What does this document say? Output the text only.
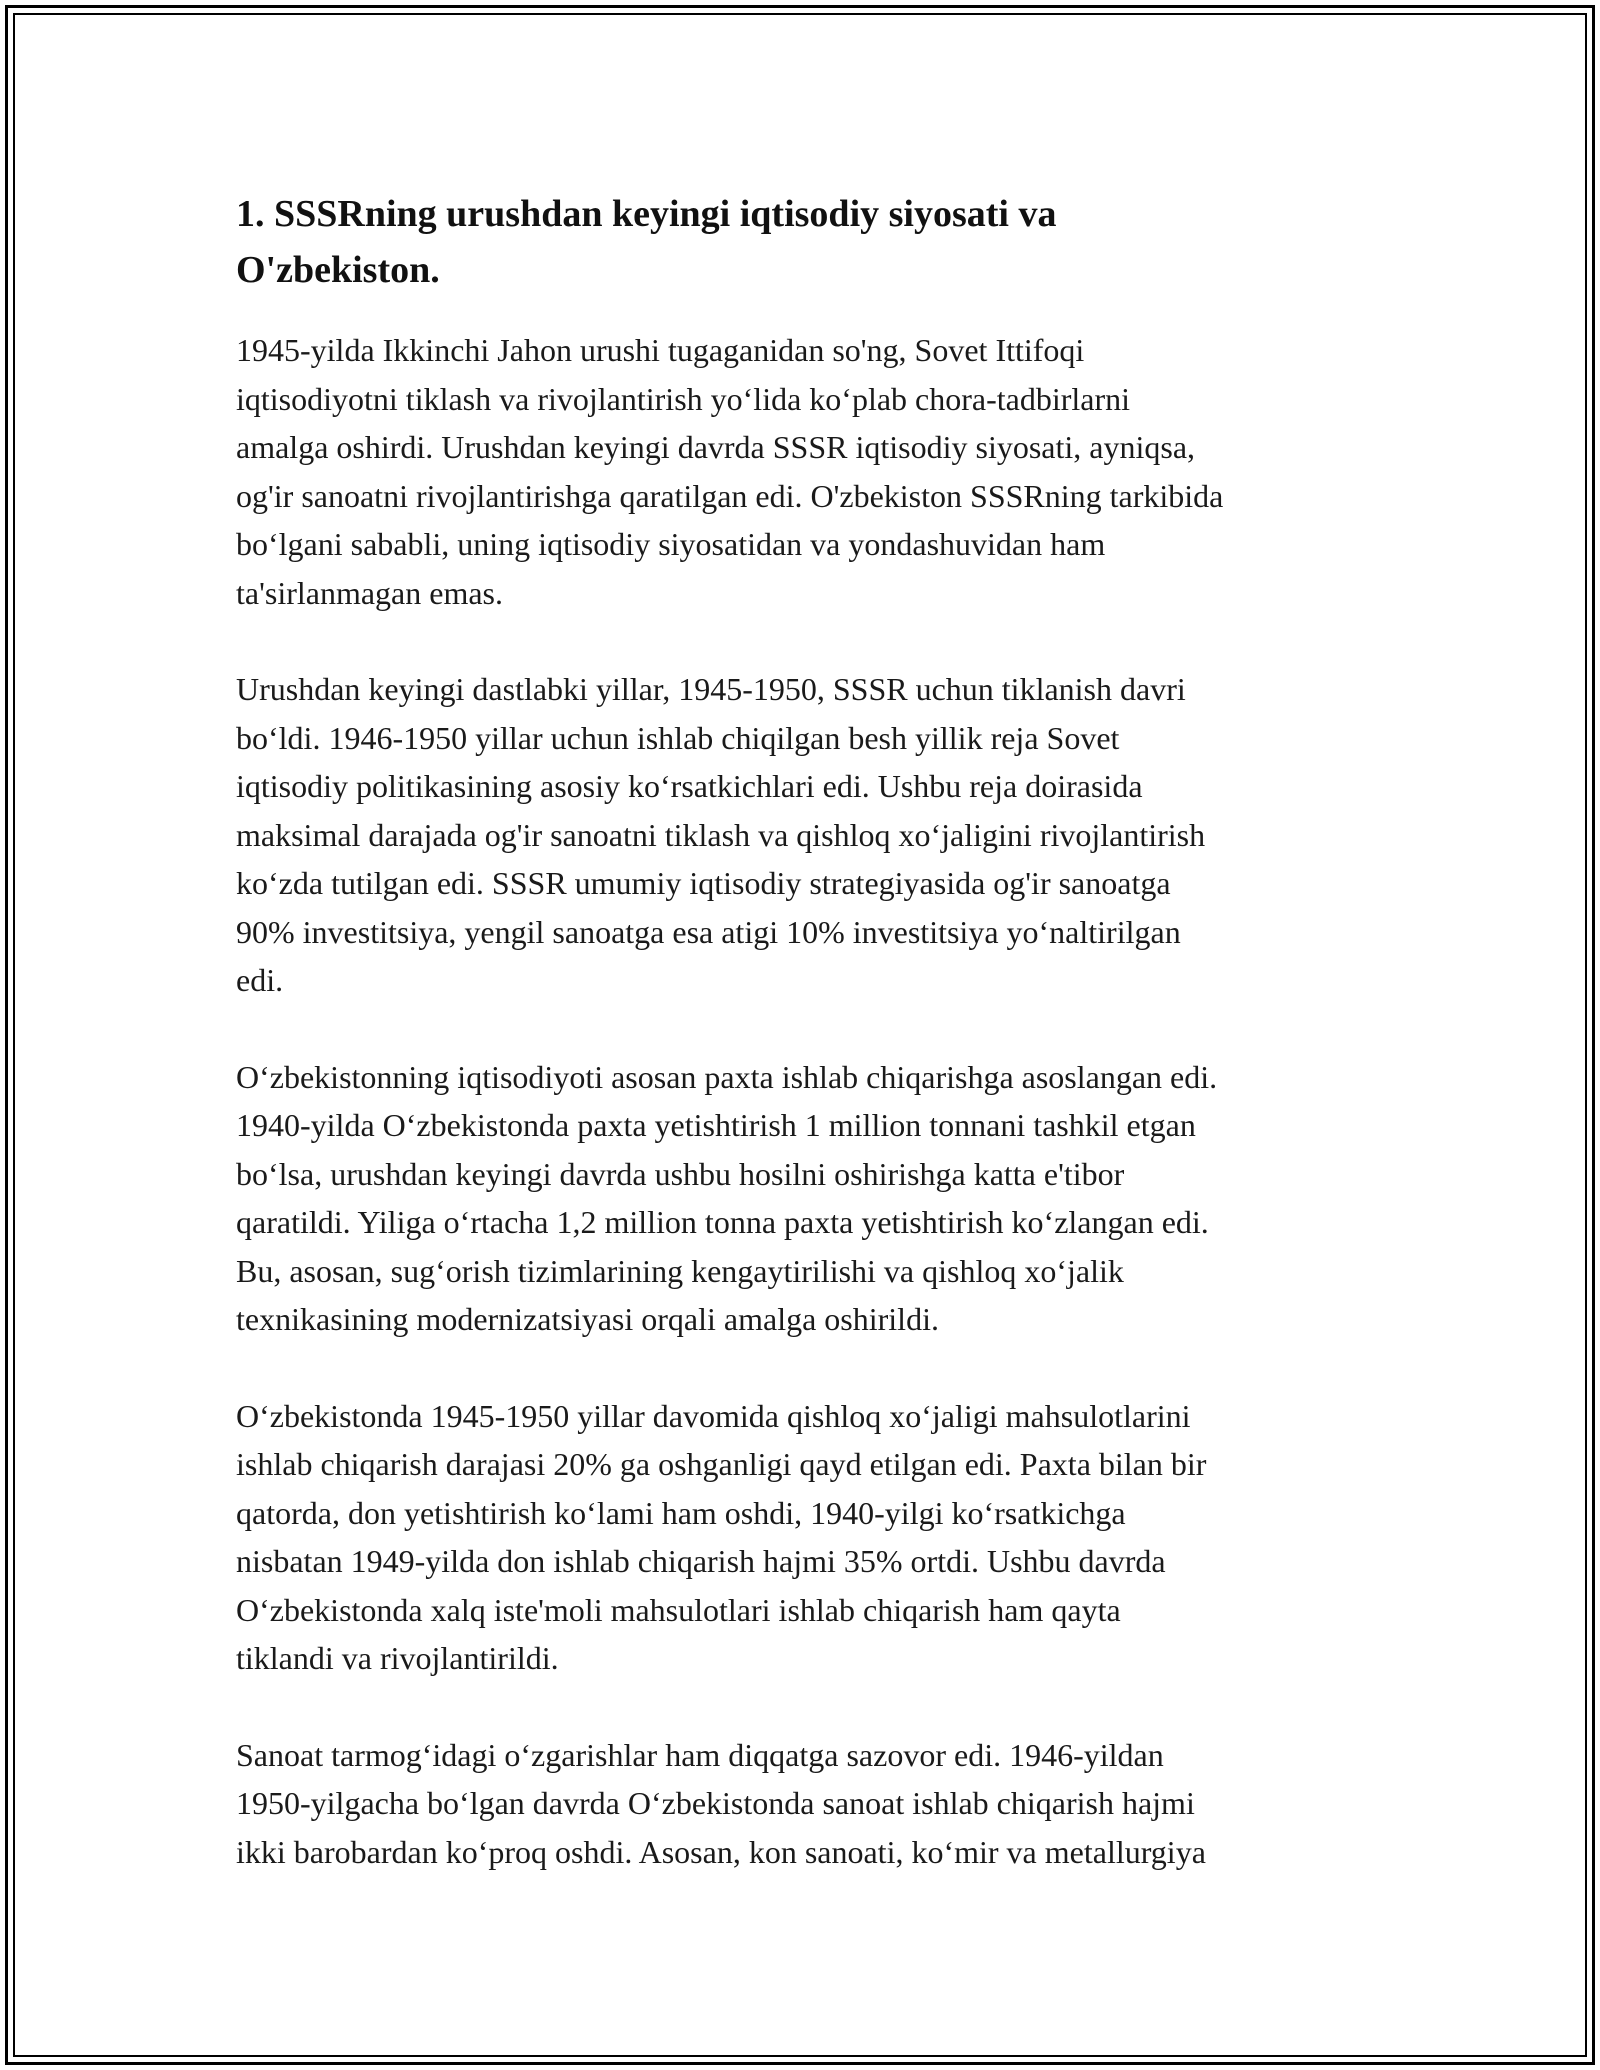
1. SSSRning urushdan keyingi iqtisodiy siyosati va O'zbekiston.

1945-yilda Ikkinchi Jahon urushi tugaganidan so'ng, Sovet Ittifoqi
iqtisodiyotni tiklash va rivojlantirish yo‘lida ko‘plab chora-tadbirlarni
amalga oshirdi. Urushdan keyingi davrda SSSR iqtisodiy siyosati, ayniqsa,
og'ir sanoatni rivojlantirishga qaratilgan edi. O'zbekiston SSSRning tarkibida
bo‘lgani sababli, uning iqtisodiy siyosatidan va yondashuvidan ham
ta'sirlanmagan emas.

Urushdan keyingi dastlabki yillar, 1945-1950, SSSR uchun tiklanish davri
bo‘ldi. 1946-1950 yillar uchun ishlab chiqilgan besh yillik reja Sovet
iqtisodiy politikasining asosiy ko‘rsatkichlari edi. Ushbu reja doirasida
maksimal darajada og'ir sanoatni tiklash va qishloq xo‘jaligini rivojlantirish
ko‘zda tutilgan edi. SSSR umumiy iqtisodiy strategiyasida og'ir sanoatga
90% investitsiya, yengil sanoatga esa atigi 10% investitsiya yo‘naltirilgan
edi.

O‘zbekistonning iqtisodiyoti asosan paxta ishlab chiqarishga asoslangan edi.
1940-yilda O‘zbekistonda paxta yetishtirish 1 million tonnani tashkil etgan
bo‘lsa, urushdan keyingi davrda ushbu hosilni oshirishga katta e'tibor
qaratildi. Yiliga o‘rtacha 1,2 million tonna paxta yetishtirish ko‘zlangan edi.
Bu, asosan, sug‘orish tizimlarining kengaytirilishi va qishloq xo‘jalik
texnikasining modernizatsiyasi orqali amalga oshirildi.

O‘zbekistonda 1945-1950 yillar davomida qishloq xo‘jaligi mahsulotlarini
ishlab chiqarish darajasi 20% ga oshganligi qayd etilgan edi. Paxta bilan bir
qatorda, don yetishtirish ko‘lami ham oshdi, 1940-yilgi ko‘rsatkichga
nisbatan 1949-yilda don ishlab chiqarish hajmi 35% ortdi. Ushbu davrda
O‘zbekistonda xalq iste'moli mahsulotlari ishlab chiqarish ham qayta
tiklandi va rivojlantirildi.

Sanoat tarmog‘idagi o‘zgarishlar ham diqqatga sazovor edi. 1946-yildan
1950-yilgacha bo‘lgan davrda O‘zbekistonda sanoat ishlab chiqarish hajmi
ikki barobardan ko‘proq oshdi. Asosan, kon sanoati, ko‘mir va metallurgiya
